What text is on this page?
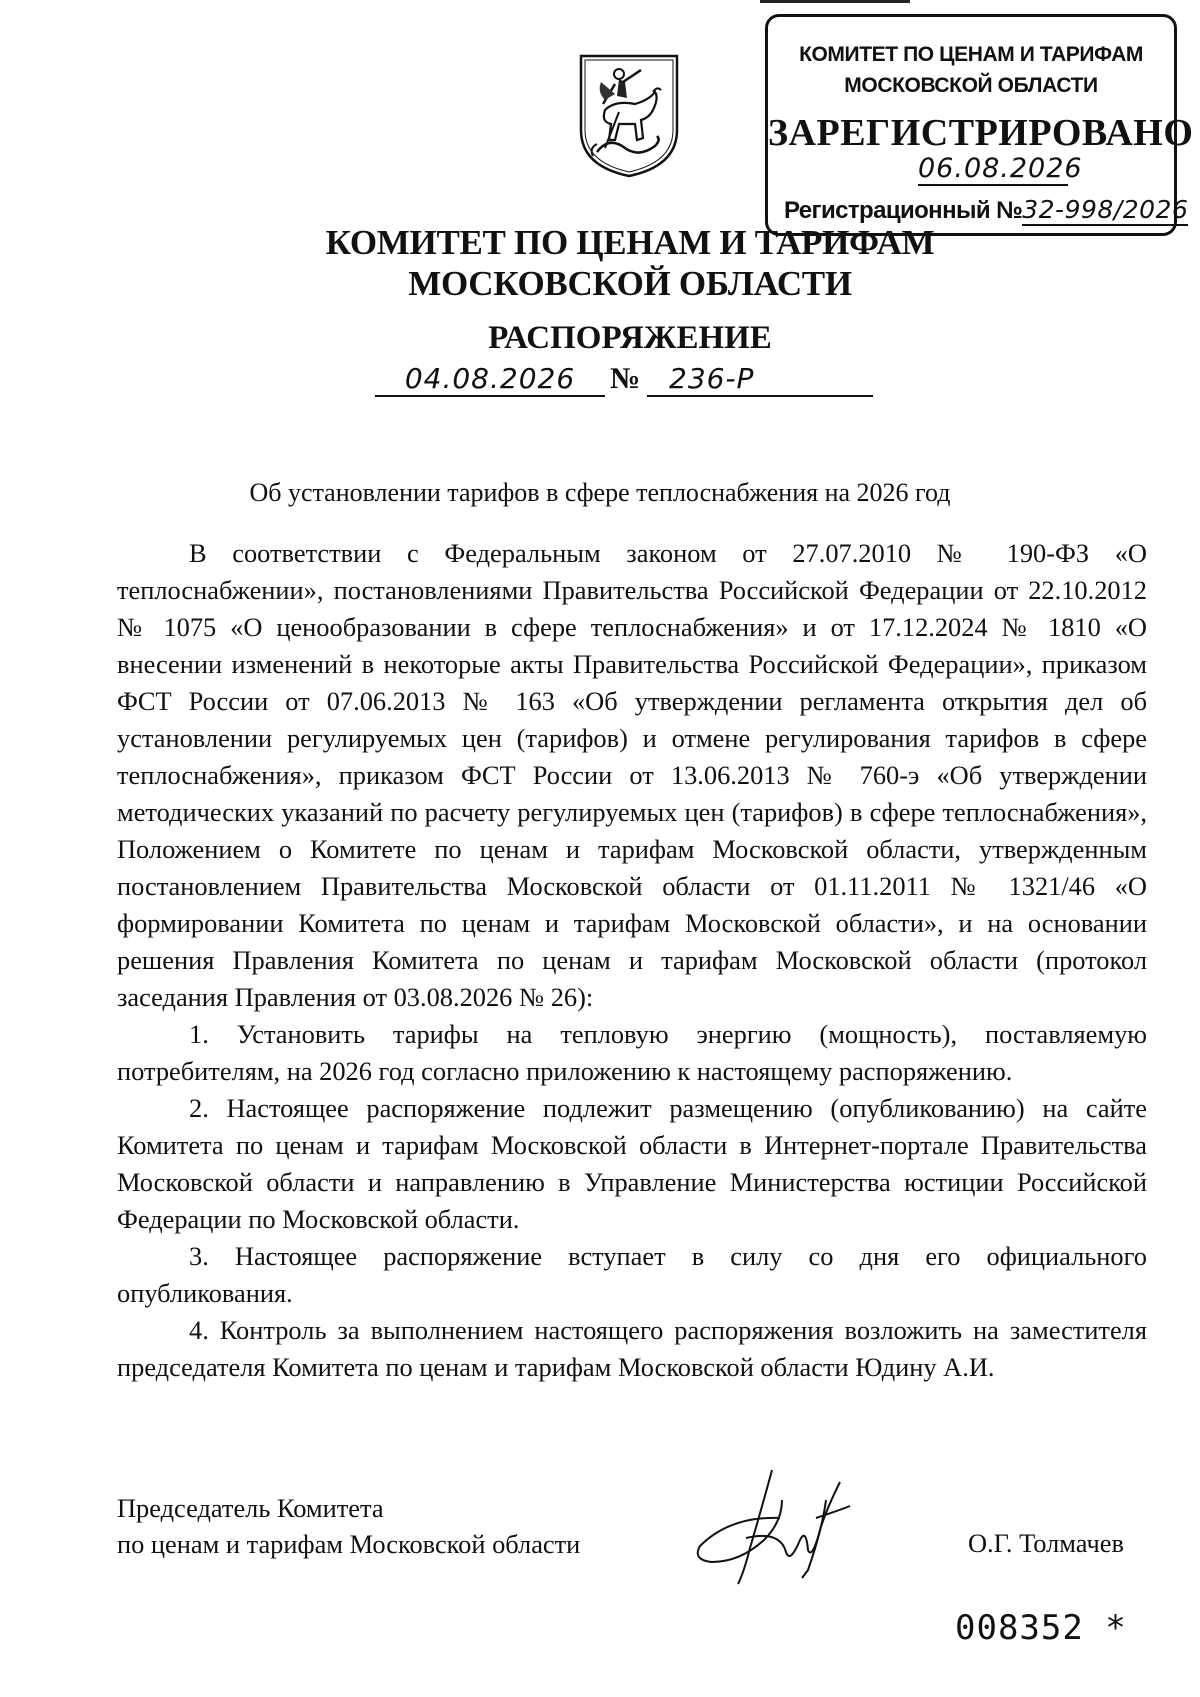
КОМИТЕТ ПО ЦЕНАМ И ТАРИФАМ
МОСКОВСКОЙ ОБЛАСТИ
ЗАРЕГИСТРИРОВАНО
06.08.2026
Регистрационный №32-998/2026
КОМИТЕТ ПО ЦЕНАМ И ТАРИФАМ
МОСКОВСКОЙ ОБЛАСТИ
РАСПОРЯЖЕНИЕ
04.08.2026	№	236-Р
Об установлении тарифов в сфере теплоснабжения на 2026 год

В соответствии с Федеральным законом от 27.07.2010 № 190-ФЗ «О теплоснабжении», постановлениями Правительства Российской Федерации от 22.10.2012 № 1075 «О ценообразовании в сфере теплоснабжения» и от 17.12.2024 № 1810 «О внесении изменений в некоторые акты Правительства Российской Федерации», приказом ФСТ России от 07.06.2013 № 163 «Об утверждении регламента открытия дел об установлении регулируемых цен (тарифов) и отмене регулирования тарифов в сфере теплоснабжения», приказом ФСТ России от 13.06.2013 № 760-э «Об утверждении методических указаний по расчету регулируемых цен (тарифов) в сфере теплоснабжения», Положением о Комитете по ценам и тарифам Московской области, утвержденным постановлением Правительства Московской области от 01.11.2011 № 1321/46 «О формировании Комитета по ценам и тарифам Московской области», и на основании решения Правления Комитета по ценам и тарифам Московской области (протокол заседания Правления от 03.08.2026 № 26):

1. Установить тарифы на тепловую энергию (мощность), поставляемую потребителям, на 2026 год согласно приложению к настоящему распоряжению.

2. Настоящее распоряжение подлежит размещению (опубликованию) на сайте Комитета по ценам и тарифам Московской области в Интернет-портале Правительства Московской области и направлению в Управление Министерства юстиции Российской Федерации по Московской области.

3. Настоящее распоряжение вступает в силу со дня его официального опубликования.

4. Контроль за выполнением настоящего распоряжения возложить на заместителя председателя Комитета по ценам и тарифам Московской области Юдину А.И.

Председатель Комитета
по ценам и тарифам Московской области	О.Г. Толмачев
008352 *
